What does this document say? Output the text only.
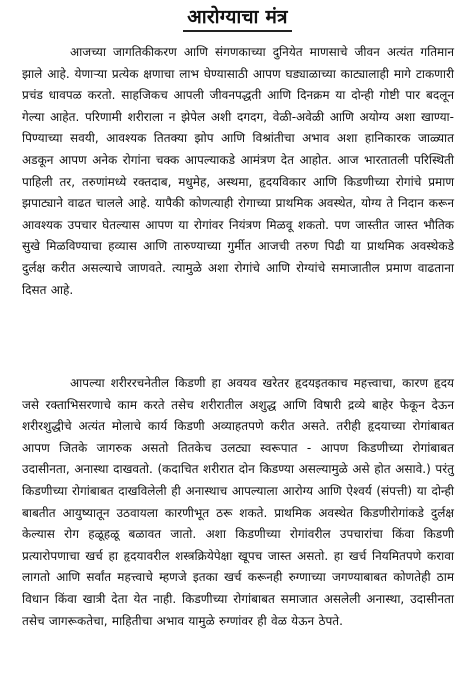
आरोग्याचा मंत्र

आजच्या जागतिकीकरण आणि संगणकाच्या दुनियेत माणसाचे जीवन अत्यंत गतिमान झाले आहे. येणाऱ्या प्रत्येक क्षणाचा लाभ घेण्यासाठी आपण घड्याळाच्या काट्यालाही मागे टाकणारी प्रचंड धावपळ करतो. साहजिकच आपली जीवनपद्धती आणि दिनक्रम या दोन्ही गोष्टी पार बदलून गेल्या आहेत. परिणामी शरीराला न झेपेल अशी दगदग, वेळी-अवेळी आणि अयोग्य अशा खाण्या-पिण्याच्या सवयी, आवश्यक तितक्या झोप आणि विश्रांतीचा अभाव अशा हानिकारक जाळ्यात अडकून आपण अनेक रोगांना चक्क आपल्याकडे आमंत्रण देत आहोत. आज भारतातली परिस्थिती पाहिली तर, तरुणांमध्ये रक्तदाब, मधुमेह, अस्थमा, हृदयविकार आणि किडणीच्या रोगांचे प्रमाण झपाट्याने वाढत चालले आहे. यापैकी कोणत्याही रोगाच्या प्राथमिक अवस्थेत, योग्य ते निदान करून आवश्यक उपचार घेतल्यास आपण या रोगांवर नियंत्रण मिळवू शकतो. पण जास्तीत जास्त भौतिक सुखे मिळविण्याचा हव्यास आणि तारुण्याच्या गुर्मीत आजची तरुण पिढी या प्राथमिक अवस्थेकडे दुर्लक्ष करीत असल्याचे जाणवते. त्यामुळे अशा रोगांचे आणि रोग्यांचे समाजातील प्रमाण वाढताना दिसत आहे.

आपल्या शरीररचनेतील किडणी हा अवयव खरेतर हृदयइतकाच महत्त्वाचा, कारण हृदय जसे रक्ताभिसरणाचे काम करते तसेच शरीरातील अशुद्ध आणि विषारी द्रव्ये बाहेर फेकून देऊन शरीरशुद्धीचे अत्यंत मोलाचे कार्य किडणी अव्याहतपणे करीत असते. तरीही हृदयाच्या रोगांबाबत आपण जितके जागरुक असतो तितकेच उलट्या स्वरूपात - आपण किडणीच्या रोगांबाबत उदासीनता, अनास्था दाखवतो. (कदाचित शरीरात दोन किडण्या असल्यामुळे असे होत असावे.) परंतु किडणीच्या रोगांबाबत दाखविलेली ही अनास्थाच आपल्याला आरोग्य आणि ऐश्वर्य (संपत्ती) या दोन्ही बाबतीत आयुष्यातून उठवायला कारणीभूत ठरू शकते. प्राथमिक अवस्थेत किडणीरोगांकडे दुर्लक्ष केल्यास रोग हळूहळू बळावत जातो. अशा किडणीच्या रोगांवरील उपचारांचा किंवा किडणी प्रत्यारोपणाचा खर्च हा हृदयावरील शस्त्रक्रियेपेक्षा खूपच जास्त असतो. हा खर्च नियमितपणे करावा लागतो आणि सर्वांत महत्त्वाचे म्हणजे इतका खर्च करूनही रुग्णाच्या जगण्याबाबत कोणतेही ठाम विधान किंवा खात्री देता येत नाही. किडणीच्या रोगांबाबत समाजात असलेली अनास्था, उदासीनता तसेच जागरूकतेचा, माहितीचा अभाव यामुळे रुग्णांवर ही वेळ येऊन ठेपते.
